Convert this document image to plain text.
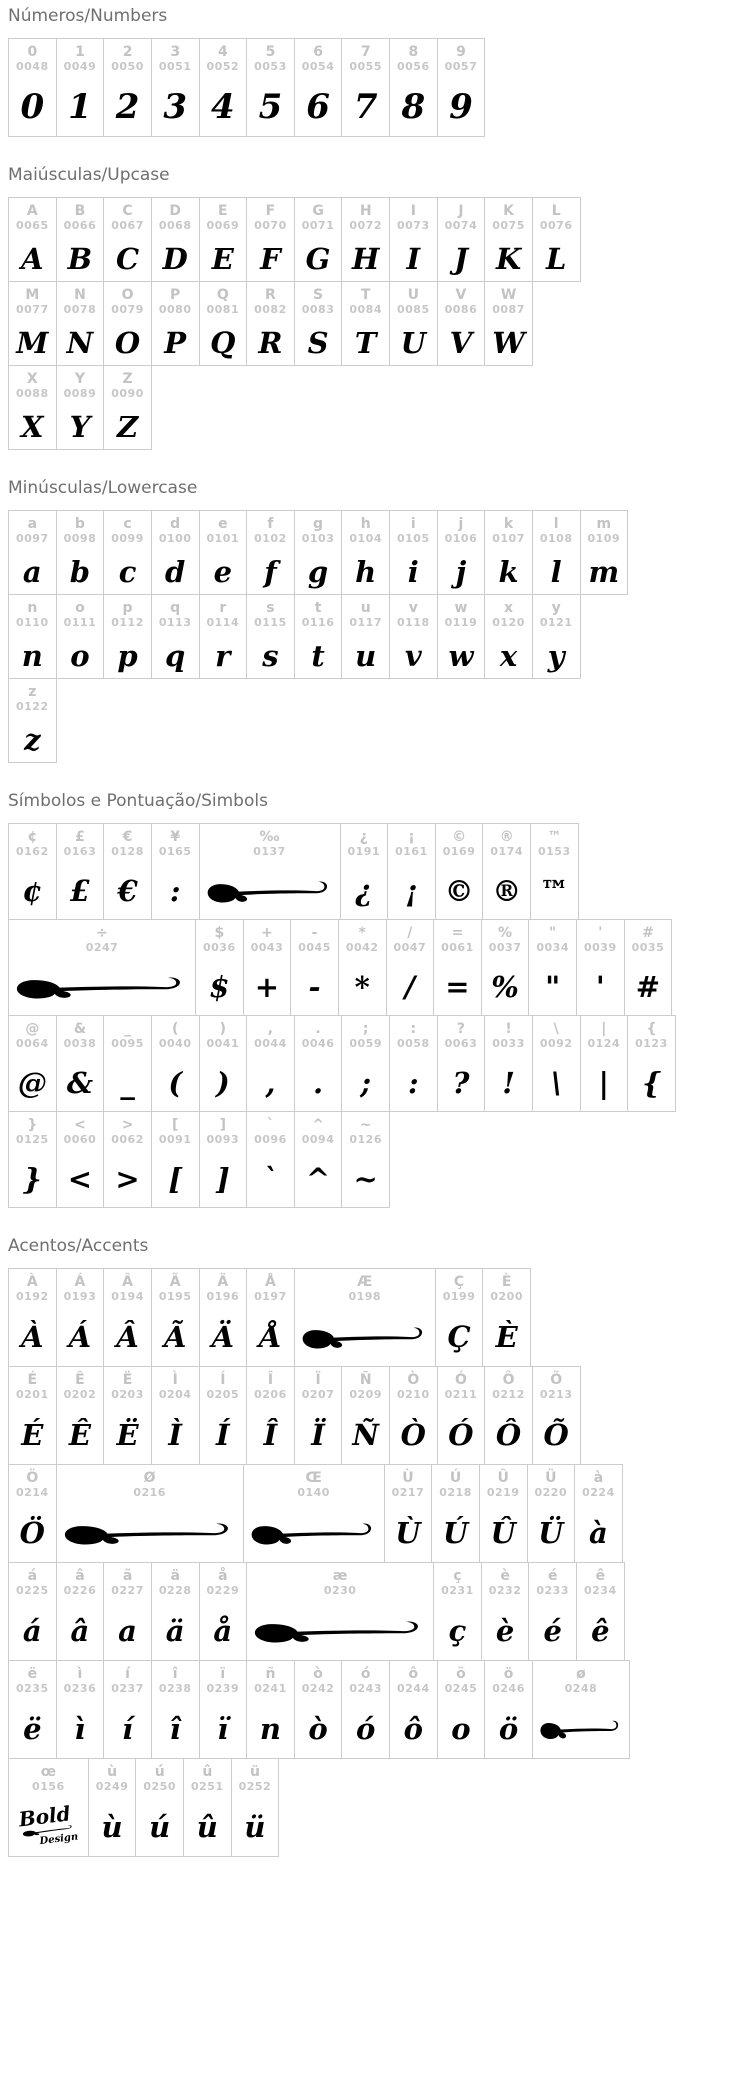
Números/Numbers
0
0048
0
1
0049
1
2
0050
2
3
0051
3
4
0052
4
5
0053
5
6
0054
6
7
0055
7
8
0056
8
9
0057
9
Maiúsculas/Upcase
A
0065
A
B
0066
B
C
0067
C
D
0068
D
E
0069
E
F
0070
F
G
0071
G
H
0072
H
I
0073
I
J
0074
J
K
0075
K
L
0076
L
M
0077
M
N
0078
N
O
0079
O
P
0080
P
Q
0081
Q
R
0082
R
S
0083
S
T
0084
T
U
0085
U
V
0086
V
W
0087
W
X
0088
X
Y
0089
Y
Z
0090
Z
Minúsculas/Lowercase
a
0097
a
b
0098
b
c
0099
c
d
0100
d
e
0101
e
f
0102
f
g
0103
g
h
0104
h
i
0105
i
j
0106
j
k
0107
k
l
0108
l
m
0109
m
n
0110
n
o
0111
o
p
0112
p
q
0113
q
r
0114
r
s
0115
s
t
0116
t
u
0117
u
v
0118
v
w
0119
w
x
0120
x
y
0121
y
z
0122
z
Símbolos e Pontuação/Simbols
¢
0162
¢
£
0163
£
€
0128
€
¥
0165
:
‰
0137
¿
0191
¿
¡
0161
¡
©
0169
©
®
0174
®
™
0153
™
÷
0247
$
0036
$
+
0043
+
-
0045
-
*
0042
*
/
0047
/
=
0061
=
%
0037
%
"
0034
"
'
0039
'
#
0035
#
@
0064
@
&
0038
&
_
0095
_
(
0040
(
)
0041
)
,
0044
,
.
0046
.
;
0059
;
:
0058
:
?
0063
?
!
0033
!
\
0092
\
|
0124
|
{
0123
{
}
0125
}
<
0060
<
>
0062
>
[
0091
[
]
0093
]
`
0096
`
^
0094
^
~
0126
~
Acentos/Accents
À
0192
À
Á
0193
Á
Â
0194
Â
Ã
0195
Ã
Ä
0196
Ä
Å
0197
Å
Æ
0198
Ç
0199
Ç
È
0200
È
É
0201
É
Ê
0202
Ê
Ë
0203
Ë
Ì
0204
Ì
Í
0205
Í
Î
0206
Î
Ï
0207
Ï
Ñ
0209
Ñ
Ò
0210
Ò
Ó
0211
Ó
Ô
0212
Ô
Õ
0213
Õ
Ö
0214
Ö
Ø
0216
Œ
0140
Ù
0217
Ù
Ú
0218
Ú
Û
0219
Û
Ü
0220
Ü
à
0224
à
á
0225
á
â
0226
â
ã
0227
a
ä
0228
ä
å
0229
å
æ
0230
ç
0231
ç
è
0232
è
é
0233
é
ê
0234
ê
ë
0235
ë
ì
0236
ì
í
0237
í
î
0238
î
ï
0239
ï
ñ
0241
n
ò
0242
ò
ó
0243
ó
ô
0244
ô
õ
0245
o
ö
0246
ö
ø
0248
œ
0156
Bold
Design
ù
0249
ù
ú
0250
ú
û
0251
û
ü
0252
ü
